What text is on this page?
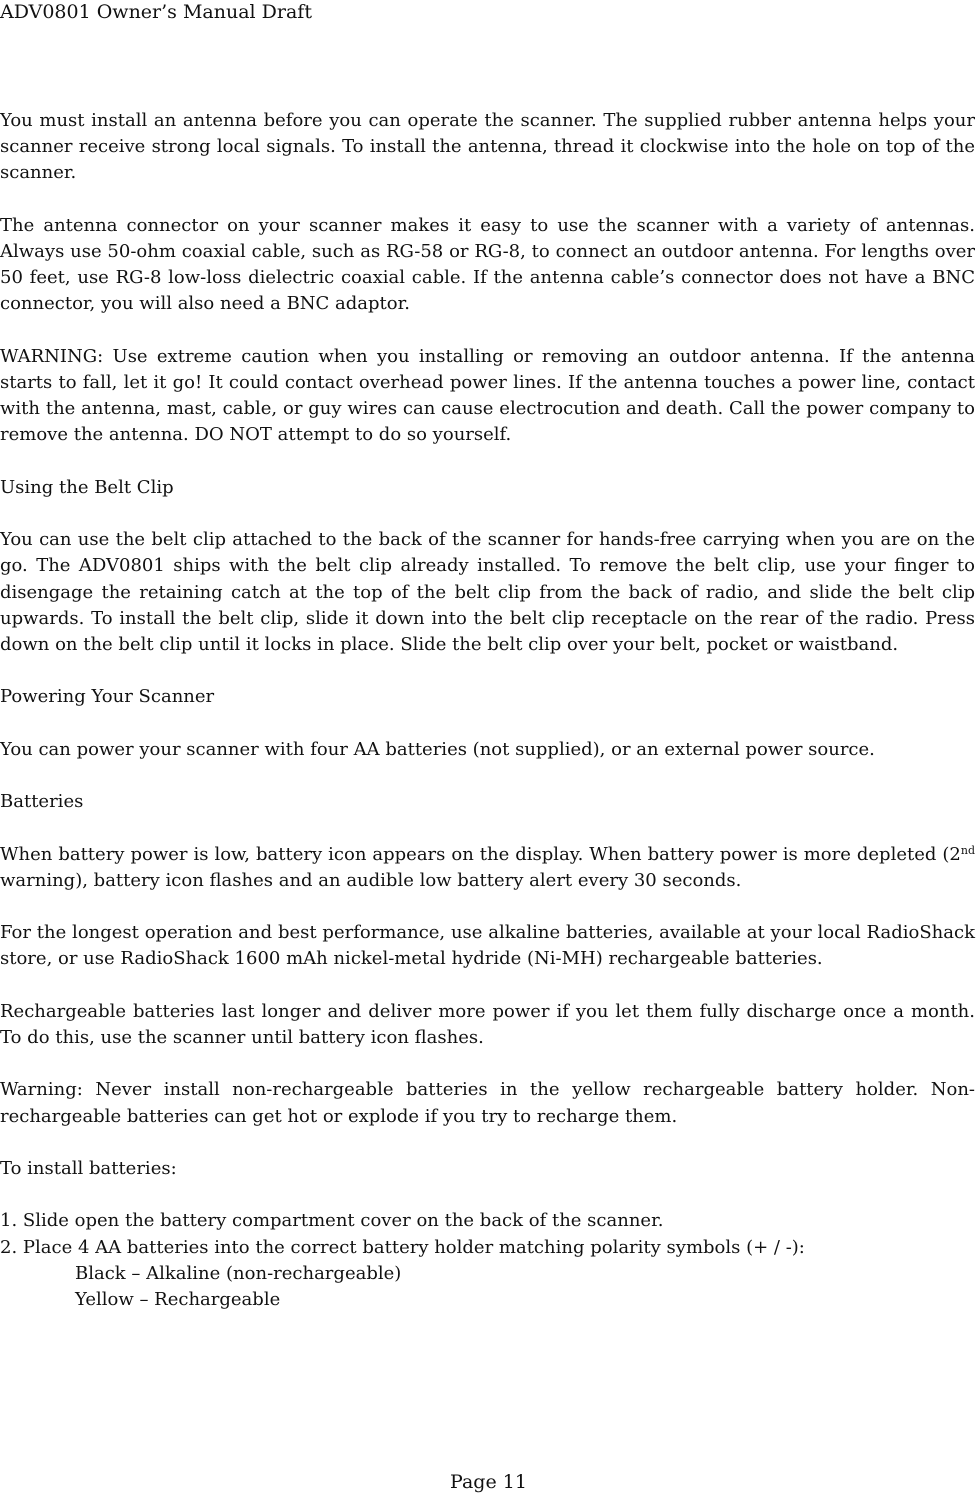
ADV0801 Owner’s Manual Draft

You must install an antenna before you can operate the scanner. The supplied rubber antenna helps your scanner receive strong local signals. To install the antenna, thread it clockwise into the hole on top of the scanner.

The antenna connector on your scanner makes it easy to use the scanner with a variety of antennas. Always use 50-ohm coaxial cable, such as RG-58 or RG-8, to connect an outdoor antenna. For lengths over 50 feet, use RG-8 low-loss dielectric coaxial cable. If the antenna cable’s connector does not have a BNC connector, you will also need a BNC adaptor.

WARNING: Use extreme caution when you installing or removing an outdoor antenna. If the antenna starts to fall, let it go! It could contact overhead power lines. If the antenna touches a power line, contact with the antenna, mast, cable, or guy wires can cause electrocution and death. Call the power company to remove the antenna. DO NOT attempt to do so yourself.

Using the Belt Clip

You can use the belt clip attached to the back of the scanner for hands-free carrying when you are on the go. The ADV0801 ships with the belt clip already installed. To remove the belt clip, use your finger to disengage the retaining catch at the top of the belt clip from the back of radio, and slide the belt clip upwards. To install the belt clip, slide it down into the belt clip receptacle on the rear of the radio. Press down on the belt clip until it locks in place. Slide the belt clip over your belt, pocket or waistband.

Powering Your Scanner

You can power your scanner with four AA batteries (not supplied), or an external power source.

Batteries

When battery power is low, battery icon appears on the display. When battery power is more depleted (2nd warning), battery icon flashes and an audible low battery alert every 30 seconds.

For the longest operation and best performance, use alkaline batteries, available at your local RadioShack store, or use RadioShack 1600 mAh nickel-metal hydride (Ni-MH) rechargeable batteries.

Rechargeable batteries last longer and deliver more power if you let them fully discharge once a month. To do this, use the scanner until battery icon flashes.

Warning: Never install non-rechargeable batteries in the yellow rechargeable battery holder. Non-rechargeable batteries can get hot or explode if you try to recharge them.

To install batteries:

1. Slide open the battery compartment cover on the back of the scanner.

2. Place 4 AA batteries into the correct battery holder matching polarity symbols (+ / -):

Black – Alkaline (non-rechargeable)

Yellow – Rechargeable

Page 11
